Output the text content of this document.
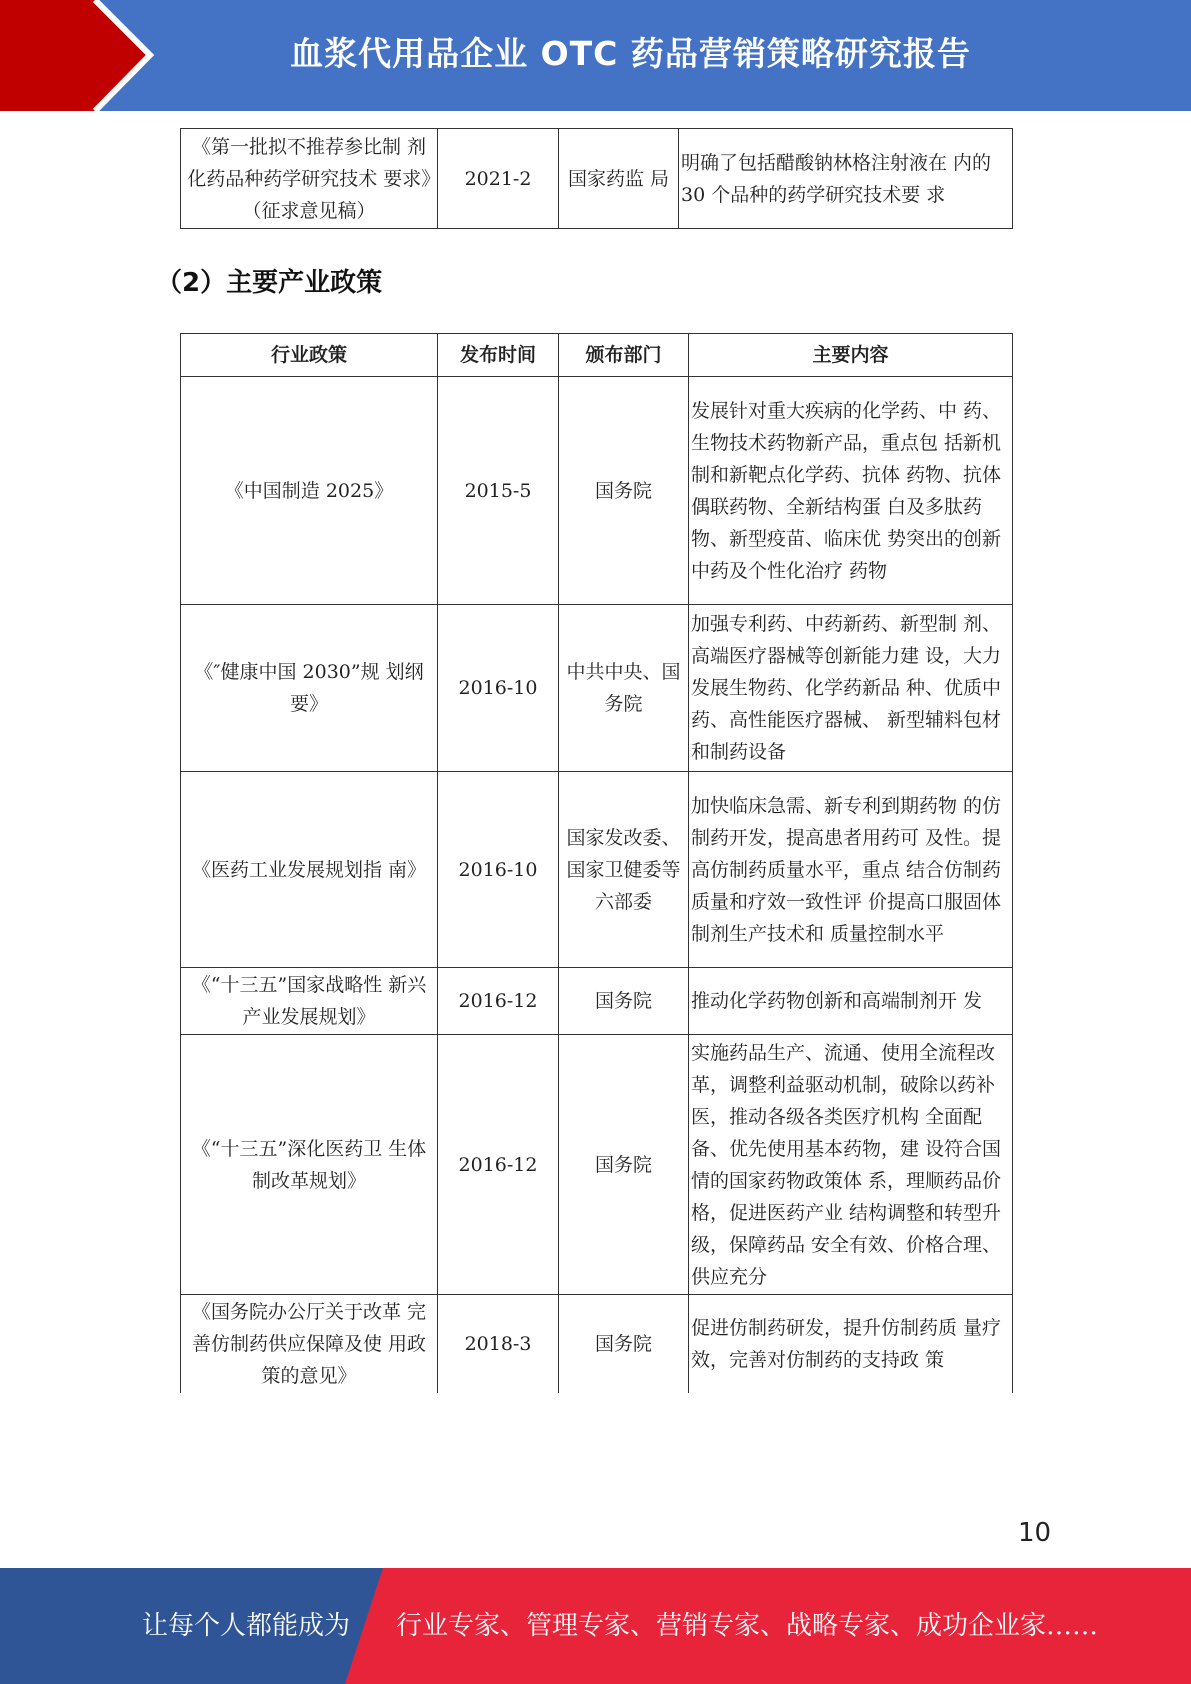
血浆代用品企业 OTC 药品营销策略研究报告
《第一批拟不推荐参比制 剂化药品种药学研究技术 要求》（征求意见稿）	2021-2	国家药监 局	明确了包括醋酸钠林格注射液在 内的30 个品种的药学研究技术要 求
（2）主要产业政策
行业政策	发布时间	颁布部门	主要内容
《中国制造 2025》	2015-5	国务院	发展针对重大疾病的化学药、中 药、生物技术药物新产品，重点包 括新机制和新靶点化学药、抗体 药物、抗体偶联药物、全新结构蛋 白及多肽药物、新型疫苗、临床优 势突出的创新中药及个性化治疗 药物
《″健康中国 2030”规 划纲要》	2016-10	中共中央、国务院	加强专利药、中药新药、新型制 剂、高端医疗器械等创新能力建 设，大力发展生物药、化学药新品 种、优质中药、高性能医疗器械、 新型辅料包材和制药设备
《医药工业发展规划指 南》	2016-10	国家发改委、国家卫健委等六部委	加快临床急需、新专利到期药物 的仿制药开发，提高患者用药可 及性。提高仿制药质量水平，重点 结合仿制药质量和疗效一致性评 价提高口服固体制剂生产技术和 质量控制水平
《“十三五”国家战略性 新兴产业发展规划》	2016-12	国务院	推动化学药物创新和高端制剂开 发
《“十三五”深化医药卫 生体制改革规划》	2016-12	国务院	实施药品生产、流通、使用全流程改革，调整利益驱动机制，破除以药补医，推动各级各类医疗机构 全面配备、优先使用基本药物，建 设符合国情的国家药物政策体 系，理顺药品价格，促进医药产业 结构调整和转型升级，保障药品 安全有效、价格合理、供应充分
《国务院办公厅关于改革 完善仿制药供应保障及使 用政策的意见》	2018-3	国务院	促进仿制药研发，提升仿制药质 量疗效，完善对仿制药的支持政 策
10
让每个人都能成为 行业专家、管理专家、营销专家、战略专家、成功企业家……
